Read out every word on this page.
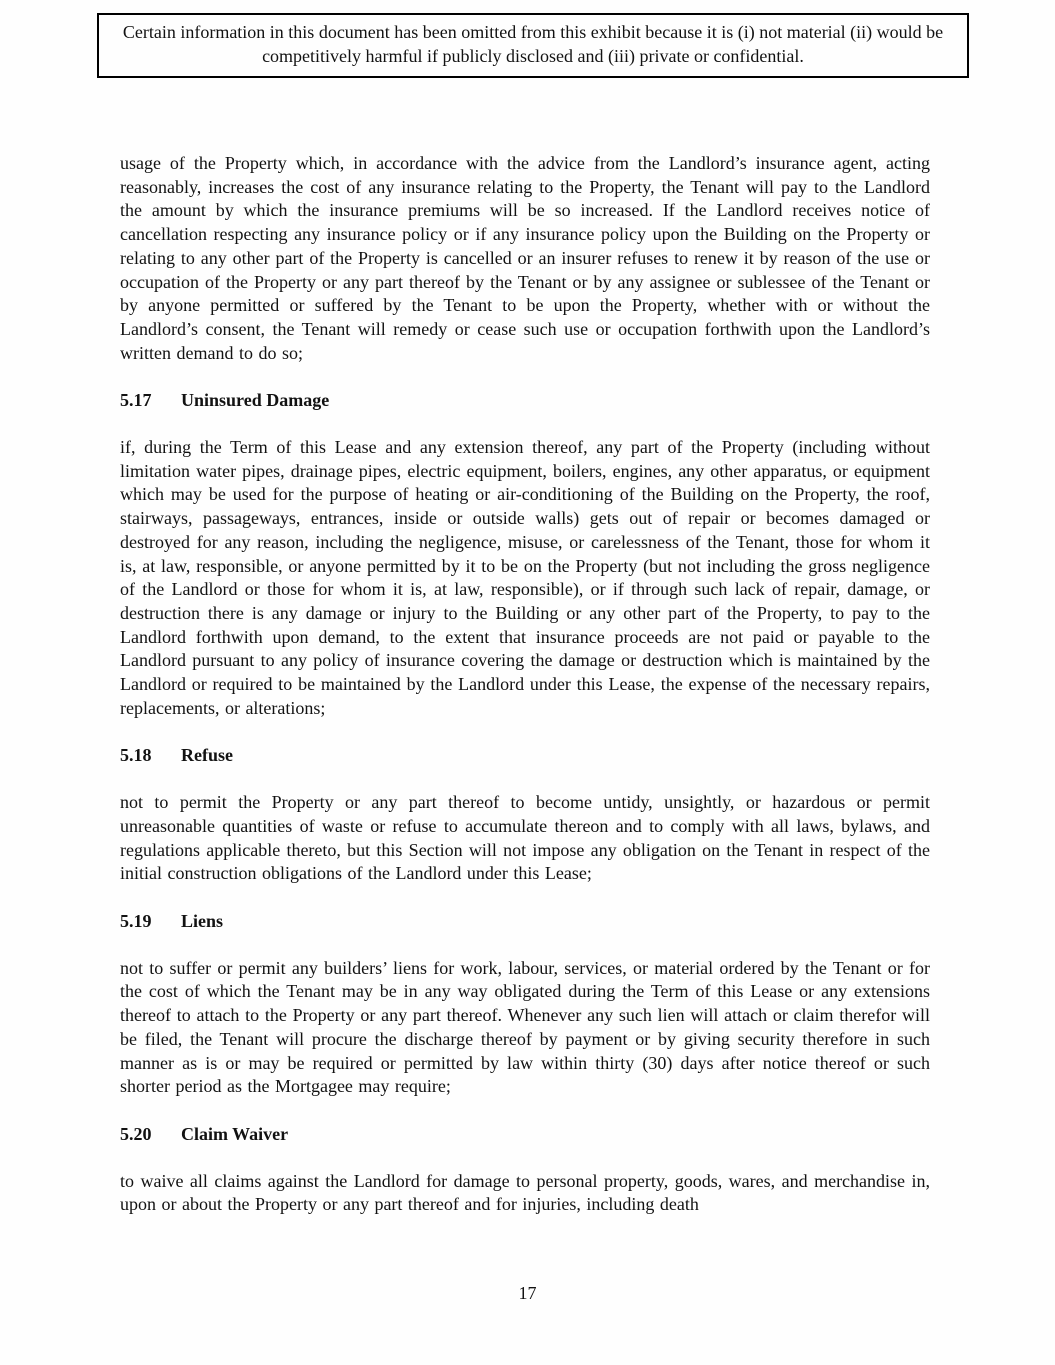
Certain information in this document has been omitted from this exhibit because it is (i) not material (ii) would be competitively harmful if publicly disclosed and (iii) private or confidential.

usage of the Property which, in accordance with the advice from the Landlord’s insurance agent, acting reasonably, increases the cost of any insurance relating to the Property, the Tenant will pay to the Landlord the amount by which the insurance premiums will be so increased. If the Landlord receives notice of cancellation respecting any insurance policy or if any insurance policy upon the Building on the Property or relating to any other part of the Property is cancelled or an insurer refuses to renew it by reason of the use or occupation of the Property or any part thereof by the Tenant or by any assignee or sublessee of the Tenant or by anyone permitted or suffered by the Tenant to be upon the Property, whether with or without the Landlord’s consent, the Tenant will remedy or cease such use or occupation forthwith upon the Landlord’s written demand to do so;

5.17	Uninsured Damage

if, during the Term of this Lease and any extension thereof, any part of the Property (including without limitation water pipes, drainage pipes, electric equipment, boilers, engines, any other apparatus, or equipment which may be used for the purpose of heating or air-conditioning of the Building on the Property, the roof, stairways, passageways, entrances, inside or outside walls) gets out of repair or becomes damaged or destroyed for any reason, including the negligence, misuse, or carelessness of the Tenant, those for whom it is, at law, responsible, or anyone permitted by it to be on the Property (but not including the gross negligence of the Landlord or those for whom it is, at law, responsible), or if through such lack of repair, damage, or destruction there is any damage or injury to the Building or any other part of the Property, to pay to the Landlord forthwith upon demand, to the extent that insurance proceeds are not paid or payable to the Landlord pursuant to any policy of insurance covering the damage or destruction which is maintained by the Landlord or required to be maintained by the Landlord under this Lease, the expense of the necessary repairs, replacements, or alterations;

5.18	Refuse

not to permit the Property or any part thereof to become untidy, unsightly, or hazardous or permit unreasonable quantities of waste or refuse to accumulate thereon and to comply with all laws, bylaws, and regulations applicable thereto, but this Section will not impose any obligation on the Tenant in respect of the initial construction obligations of the Landlord under this Lease;

5.19	Liens

not to suffer or permit any builders’ liens for work, labour, services, or material ordered by the Tenant or for the cost of which the Tenant may be in any way obligated during the Term of this Lease or any extensions thereof to attach to the Property or any part thereof. Whenever any such lien will attach or claim therefor will be filed, the Tenant will procure the discharge thereof by payment or by giving security therefore in such manner as is or may be required or permitted by law within thirty (30) days after notice thereof or such shorter period as the Mortgagee may require;

5.20	Claim Waiver

to waive all claims against the Landlord for damage to personal property, goods, wares, and merchandise in, upon or about the Property or any part thereof and for injuries, including death

17
